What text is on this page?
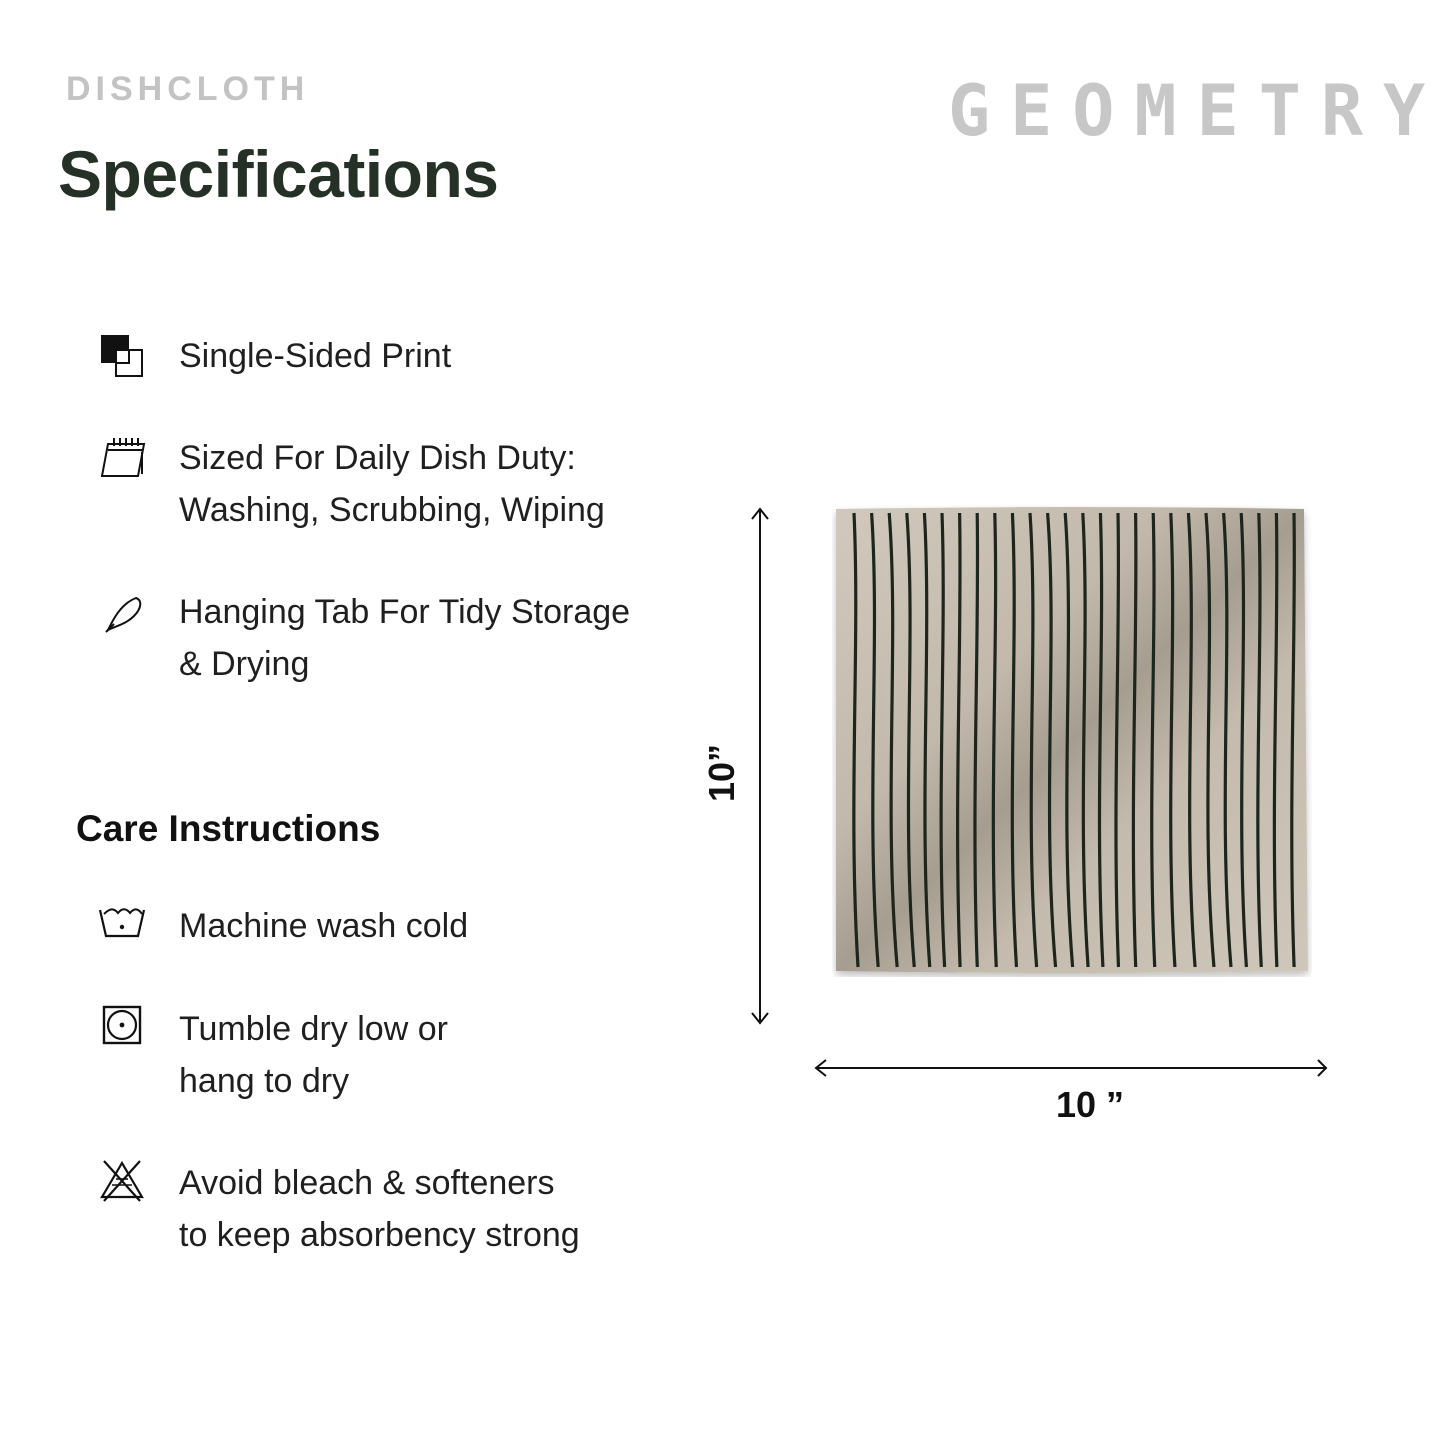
DISHCLOTH
Specifications
GEOMETRY
Single-Sided Print
Sized For Daily Dish Duty:
Washing, Scrubbing, Wiping
Hanging Tab For Tidy Storage
& Drying
Care Instructions
Machine wash cold
Tumble dry low or
hang to dry
Avoid bleach & softeners
to keep absorbency strong
10”
10 ”
